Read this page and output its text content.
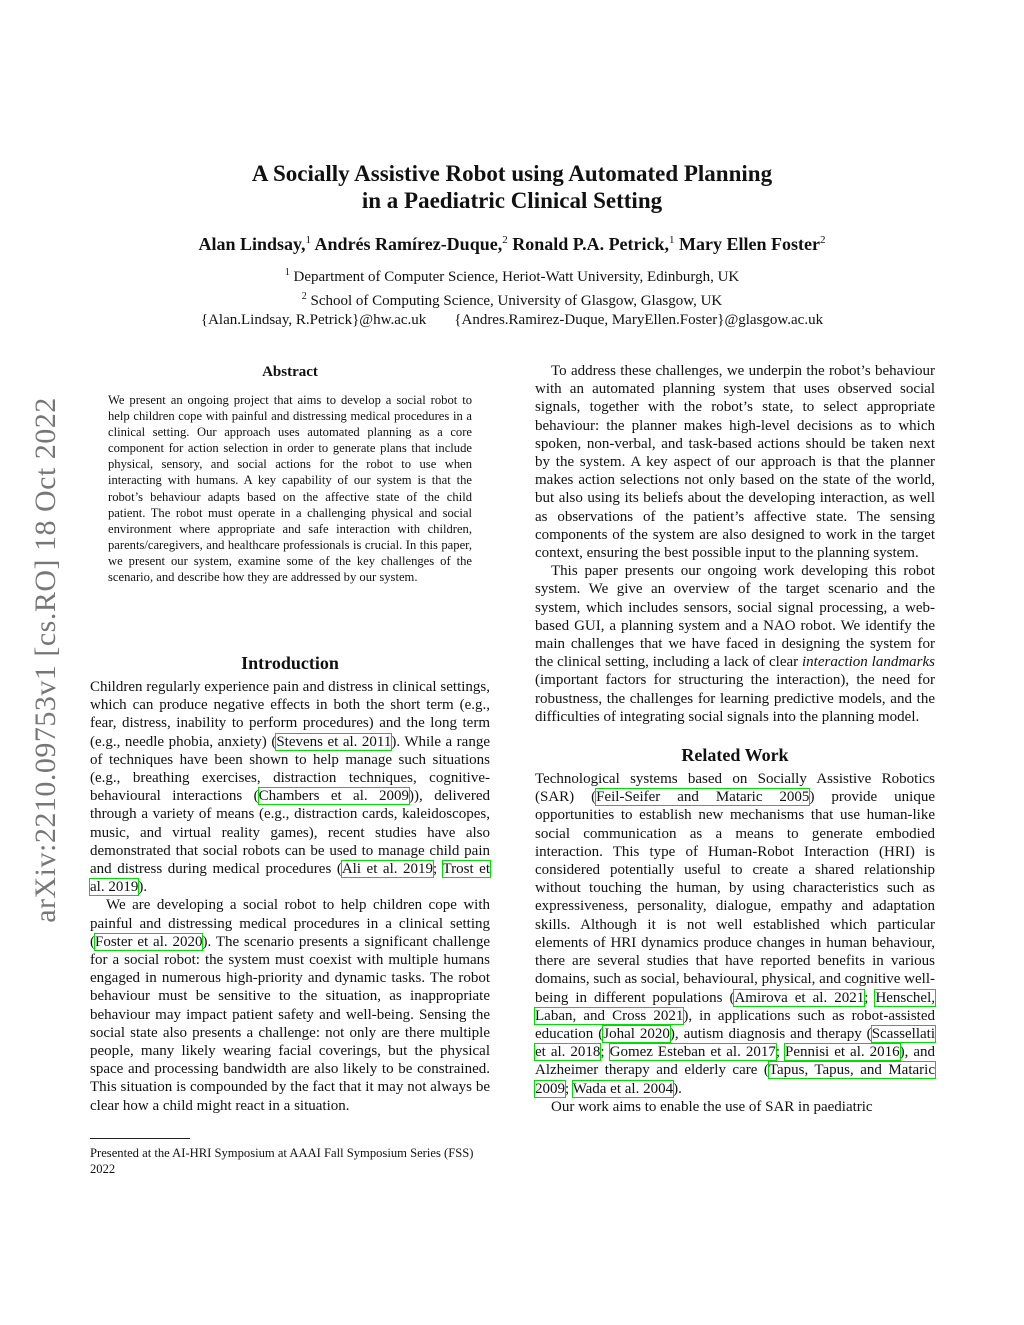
arXiv:2210.09753v1 [cs.RO] 18 Oct 2022
A Socially Assistive Robot using Automated Planning
in a Paediatric Clinical Setting
Alan Lindsay,$^1$ Andrés Ramírez-Duque,$^2$ Ronald P.A. Petrick,$^1$ Mary Ellen Foster$^2$
$^1$ Department of Computer Science, Heriot-Watt University, Edinburgh, UK
$^2$ School of Computing Science, University of Glasgow, Glasgow, UK
{Alan.Lindsay, R.Petrick}@hw.ac.uk {Andres.Ramirez-Duque, MaryEllen.Foster}@glasgow.ac.uk
Abstract
We present an ongoing project that aims to develop a social robot to help children cope with painful and distressing medical procedures in a clinical setting. Our approach uses automated planning as a core component for action selection in order to generate plans that include physical, sensory, and social actions for the robot to use when interacting with humans. A key capability of our system is that the robot’s behaviour adapts based on the affective state of the child patient. The robot must operate in a challenging physical and social environment where appropriate and safe interaction with children, parents/caregivers, and healthcare professionals is crucial. In this paper, we present our system, examine some of the key challenges of the scenario, and describe how they are addressed by our system.
Introduction

Children regularly experience pain and distress in clinical settings, which can produce negative effects in both the short term (e.g., fear, distress, inability to perform procedures) and the long term (e.g., needle phobia, anxiety) (Stevens et al. 2011). While a range of techniques have been shown to help manage such situations (e.g., breathing exercises, distraction techniques, cognitive-behavioural interactions (Chambers et al. 2009)), delivered through a variety of means (e.g., distraction cards, kaleidoscopes, music, and virtual reality games), recent studies have also demonstrated that social robots can be used to manage child pain and distress during medical procedures (Ali et al. 2019; Trost et al. 2019).

We are developing a social robot to help children cope with painful and distressing medical procedures in a clinical setting (Foster et al. 2020). The scenario presents a significant challenge for a social robot: the system must coexist with multiple humans engaged in numerous high-priority and dynamic tasks. The robot behaviour must be sensitive to the situation, as inappropriate behaviour may impact patient safety and well-being. Sensing the social state also presents a challenge: not only are there multiple people, many likely wearing facial coverings, but the physical space and processing bandwidth are also likely to be constrained. This situation is compounded by the fact that it may not always be clear how a child might react in a situation.

Presented at the AI-HRI Symposium at AAAI Fall Symposium Series (FSS) 2022

To address these challenges, we underpin the robot’s behaviour with an automated planning system that uses observed social signals, together with the robot’s state, to select appropriate behaviour: the planner makes high-level decisions as to which spoken, non-verbal, and task-based actions should be taken next by the system. A key aspect of our approach is that the planner makes action selections not only based on the state of the world, but also using its beliefs about the developing interaction, as well as observations of the patient’s affective state. The sensing components of the system are also designed to work in the target context, ensuring the best possible input to the planning system.

This paper presents our ongoing work developing this robot system. We give an overview of the target scenario and the system, which includes sensors, social signal processing, a web-based GUI, a planning system and a NAO robot. We identify the main challenges that we have faced in designing the system for the clinical setting, including a lack of clear interaction landmarks (important factors for structuring the interaction), the need for robustness, the challenges for learning predictive models, and the difficulties of integrating social signals into the planning model.

Related Work

Technological systems based on Socially Assistive Robotics (SAR) (Feil-Seifer and Mataric 2005) provide unique opportunities to establish new mechanisms that use human-like social communication as a means to generate embodied interaction. This type of Human-Robot Interaction (HRI) is considered potentially useful to create a shared relationship without touching the human, by using characteristics such as expressiveness, personality, dialogue, empathy and adaptation skills. Although it is not well established which particular elements of HRI dynamics produce changes in human behaviour, there are several studies that have reported benefits in various domains, such as social, behavioural, physical, and cognitive well-being in different populations (Amirova et al. 2021; Henschel, Laban, and Cross 2021), in applications such as robot-assisted education (Johal 2020), autism diagnosis and therapy (Scassellati et al. 2018; Gomez Esteban et al. 2017; Pennisi et al. 2016), and Alzheimer therapy and elderly care (Tapus, Tapus, and Mataric 2009; Wada et al. 2004).

Our work aims to enable the use of SAR in paediatric
